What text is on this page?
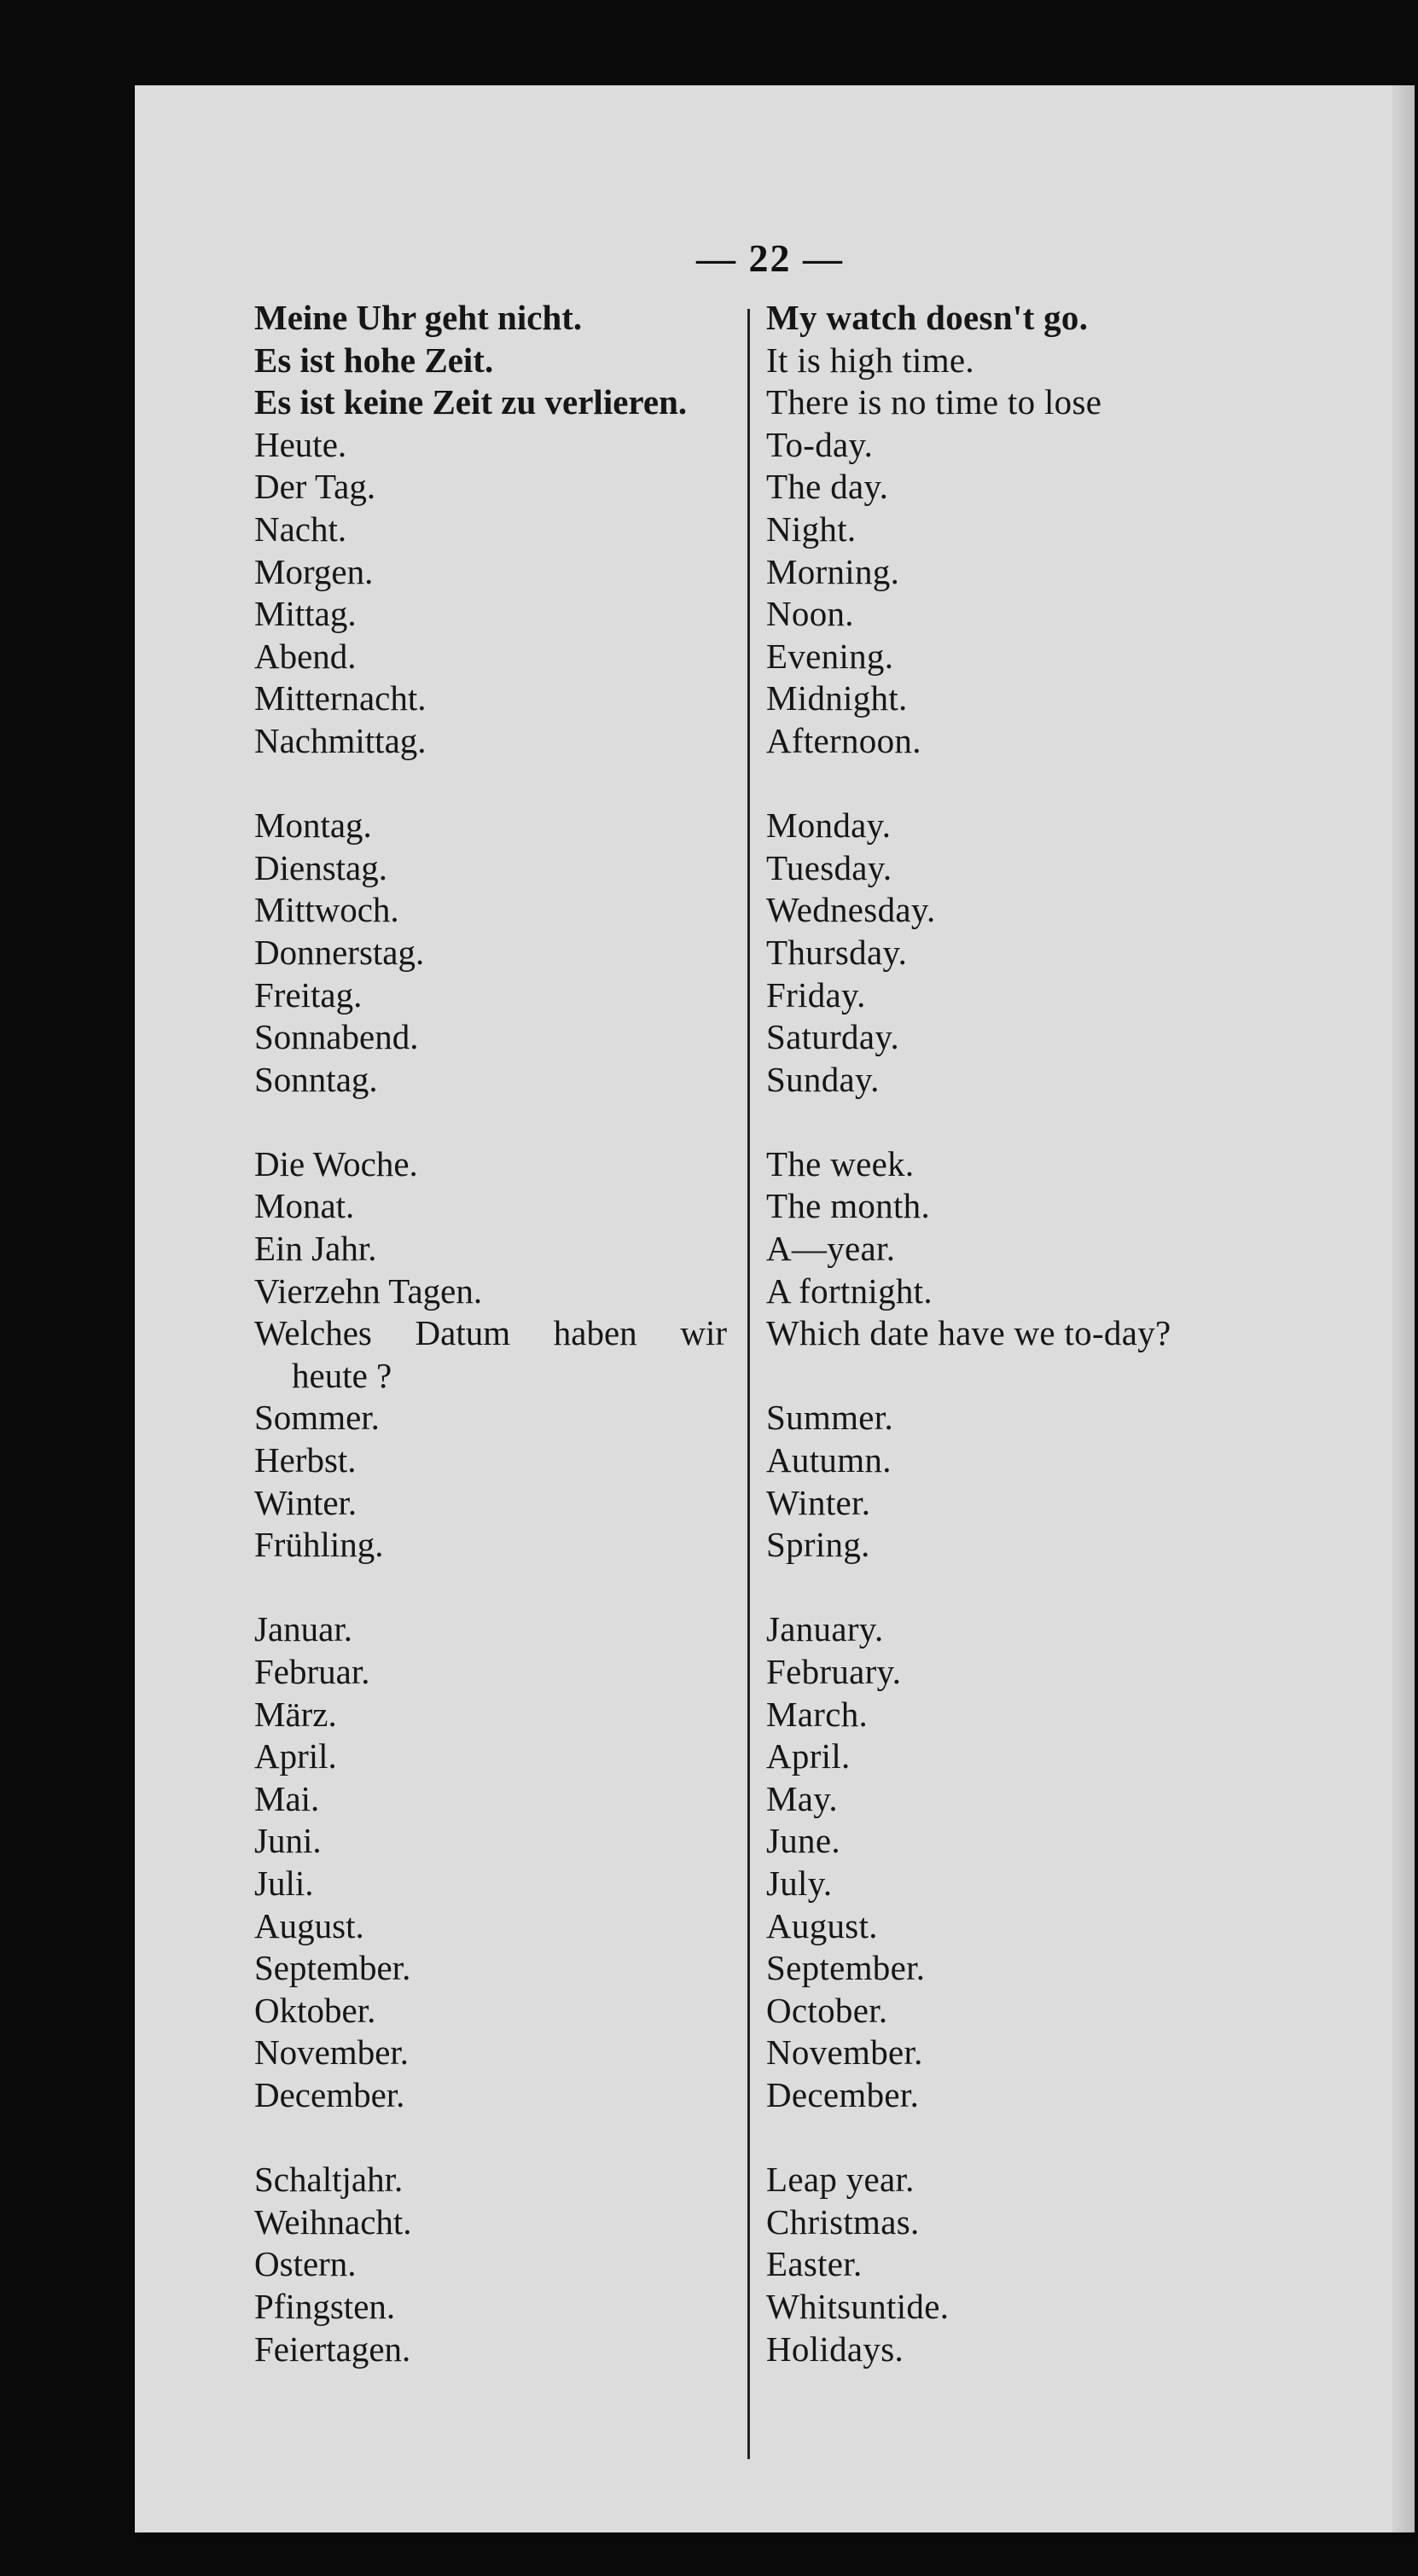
— 22 —
Meine Uhr geht nicht.
Es ist hohe Zeit.
Es ist keine Zeit zu verlieren.
Heute.
Der Tag.
Nacht.
Morgen.
Mittag.
Abend.
Mitternacht.
Nachmittag.
Montag.
Dienstag.
Mittwoch.
Donnerstag.
Freitag.
Sonnabend.
Sonntag.
Die Woche.
Monat.
Ein Jahr.
Vierzehn Tagen.
Welches Datum haben wir
heute ?
Sommer.
Herbst.
Winter.
Frühling.
Januar.
Februar.
März.
April.
Mai.
Juni.
Juli.
August.
September.
Oktober.
November.
December.
Schaltjahr.
Weihnacht.
Ostern.
Pfingsten.
Feiertagen.
My watch doesn't go.
It is high time.
There is no time to lose
To-day.
The day.
Night.
Morning.
Noon.
Evening.
Midnight.
Afternoon.
Monday.
Tuesday.
Wednesday.
Thursday.
Friday.
Saturday.
Sunday.
The week.
The month.
A—year.
A fortnight.
Which date have we to-day?
Summer.
Autumn.
Winter.
Spring.
January.
February.
March.
April.
May.
June.
July.
August.
September.
October.
November.
December.
Leap year.
Christmas.
Easter.
Whitsuntide.
Holidays.
